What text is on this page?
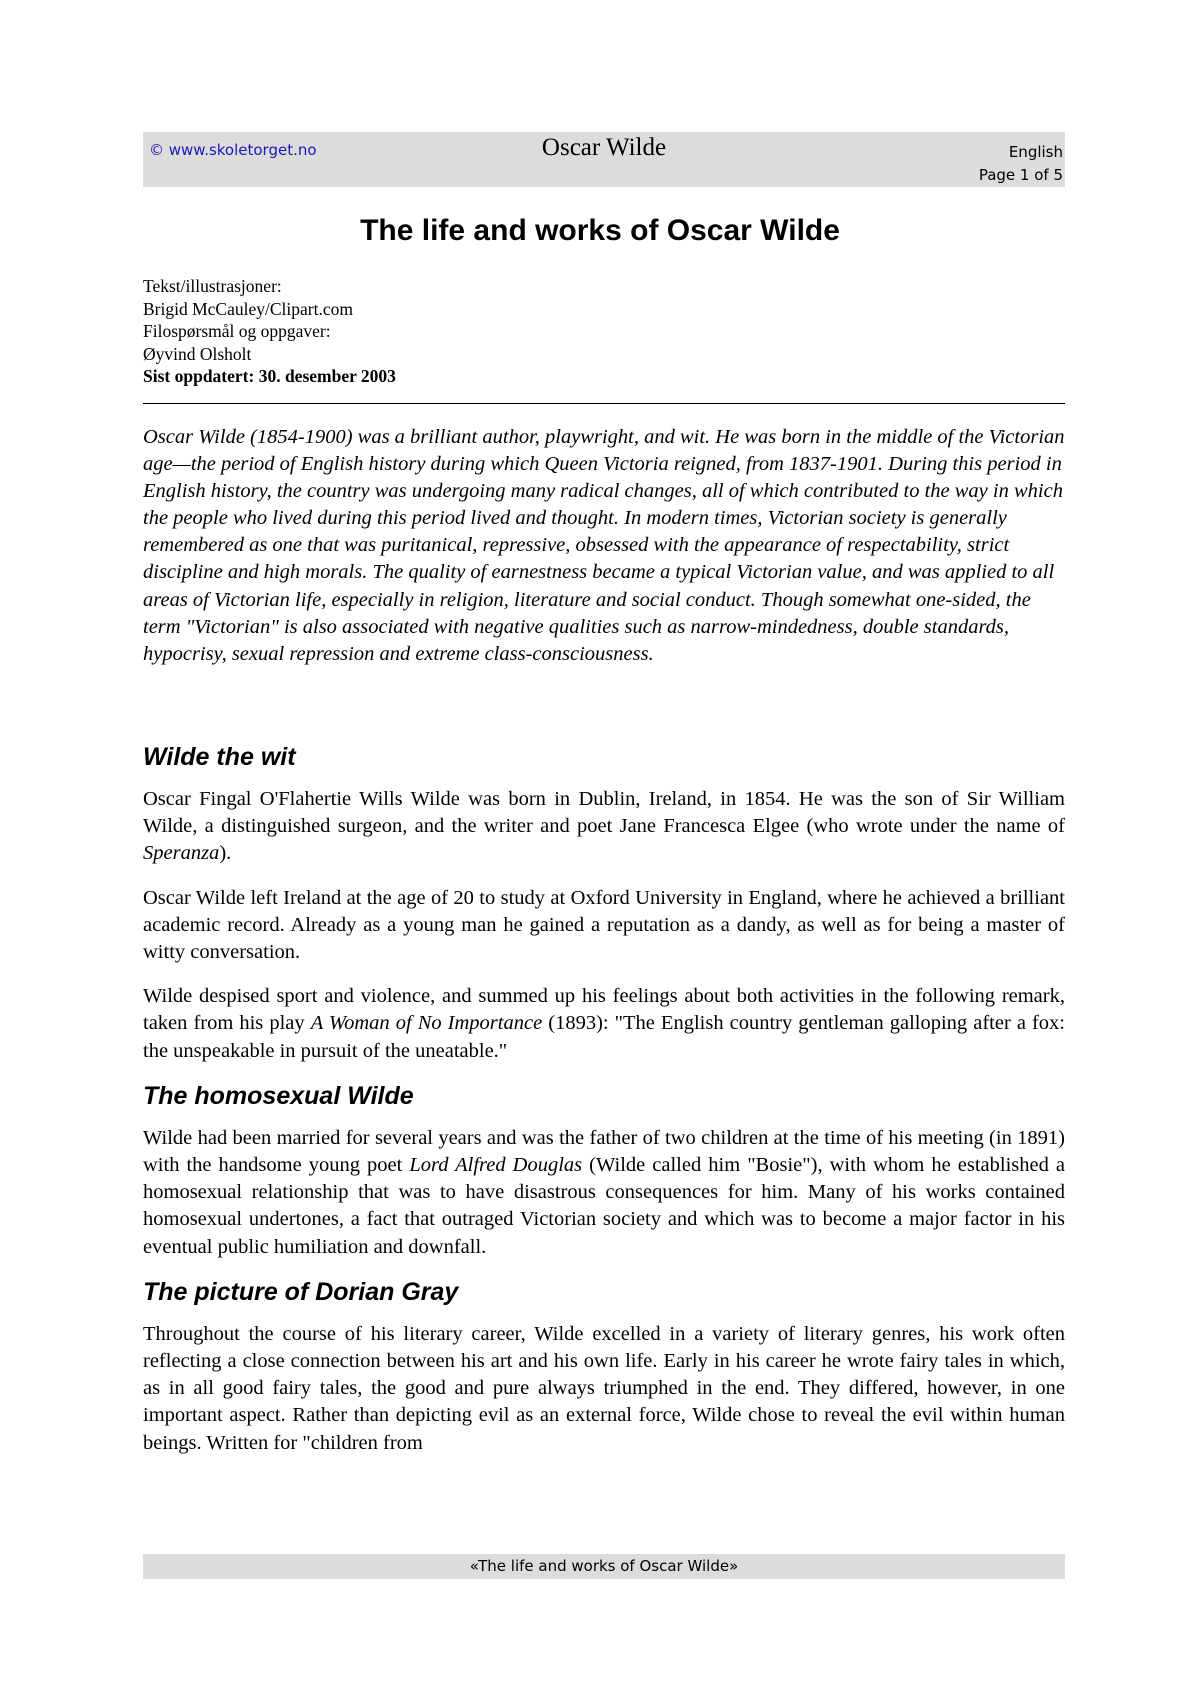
© www.skoletorget.no	Oscar Wilde	English
Page 1 of 5
The life and works of Oscar Wilde
Tekst/illustrasjoner:
Brigid McCauley/Clipart.com
Filospørsmål og oppgaver:
Øyvind Olsholt
Sist oppdatert: 30. desember 2003

Oscar Wilde (1854-1900) was a brilliant author, playwright, and wit. He was born in the middle of the Victorian age—the period of English history during which Queen Victoria reigned, from 1837-1901. During this period in English history, the country was undergoing many radical changes, all of which contributed to the way in which the people who lived during this period lived and thought. In modern times, Victorian society is generally remembered as one that was puritanical, repressive, obsessed with the appearance of respectability, strict discipline and high morals. The quality of earnestness became a typical Victorian value, and was applied to all areas of Victorian life, especially in religion, literature and social conduct. Though somewhat one-sided, the term "Victorian" is also associated with negative qualities such as narrow-mindedness, double standards, hypocrisy, sexual repression and extreme class-consciousness.

Wilde the wit

Oscar Fingal O'Flahertie Wills Wilde was born in Dublin, Ireland, in 1854. He was the son of Sir William Wilde, a distinguished surgeon, and the writer and poet Jane Francesca Elgee (who wrote under the name of Speranza).

Oscar Wilde left Ireland at the age of 20 to study at Oxford University in England, where he achieved a brilliant academic record. Already as a young man he gained a reputation as a dandy, as well as for being a master of witty conversation.

Wilde despised sport and violence, and summed up his feelings about both activities in the following remark, taken from his play A Woman of No Importance (1893): "The English country gentleman galloping after a fox: the unspeakable in pursuit of the uneatable."

The homosexual Wilde

Wilde had been married for several years and was the father of two children at the time of his meeting (in 1891) with the handsome young poet Lord Alfred Douglas (Wilde called him "Bosie"), with whom he established a homosexual relationship that was to have disastrous consequences for him. Many of his works contained homosexual undertones, a fact that outraged Victorian society and which was to become a major factor in his eventual public humiliation and downfall.

The picture of Dorian Gray

Throughout the course of his literary career, Wilde excelled in a variety of literary genres, his work often reflecting a close connection between his art and his own life. Early in his career he wrote fairy tales in which, as in all good fairy tales, the good and pure always triumphed in the end. They differed, however, in one important aspect. Rather than depicting evil as an external force, Wilde chose to reveal the evil within human beings. Written for "children from

«The life and works of Oscar Wilde»
